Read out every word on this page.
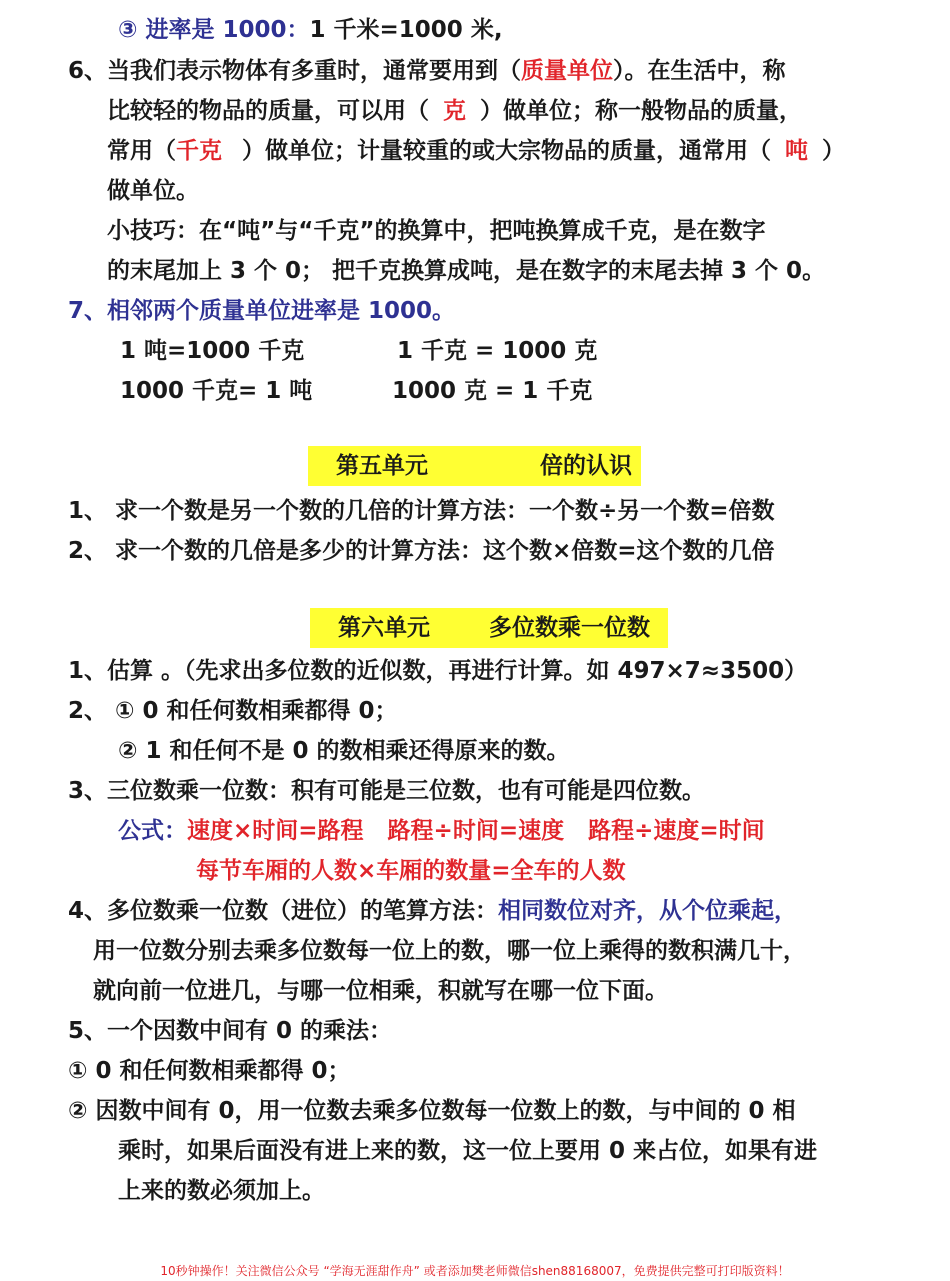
③ 进率是 1000：1 千米=1000 米,
6、当我们表示物体有多重时，通常要用到（质量单位）。在生活中，称
比较轻的物品的质量，可以用（ 克 ）做单位；称一般物品的质量，
常用（千克 ）做单位；计量较重的或大宗物品的质量，通常用（ 吨 ）
做单位。
小技巧：在“吨”与“千克”的换算中，把吨换算成千克，是在数字
的末尾加上 3 个 0； 把千克换算成吨，是在数字的末尾去掉 3 个 0。
7、相邻两个质量单位进率是 1000。
1 吨=1000 千克	1 千克 = 1000 克
1000 千克= 1 吨	1000 克 = 1 千克
第五单元	倍的认识
1、 求一个数是另一个数的几倍的计算方法：一个数÷另一个数=倍数
2、 求一个数的几倍是多少的计算方法：这个数×倍数=这个数的几倍
第六单元	多位数乘一位数
1、估算 。（先求出多位数的近似数，再进行计算。如 497×7≈3500）
2、 ① 0 和任何数相乘都得 0；
② 1 和任何不是 0 的数相乘还得原来的数。
3、三位数乘一位数：积有可能是三位数，也有可能是四位数。
公式：速度×时间=路程 路程÷时间=速度 路程÷速度=时间
每节车厢的人数×车厢的数量=全车的人数
4、多位数乘一位数（进位）的笔算方法：相同数位对齐，从个位乘起，
用一位数分别去乘多位数每一位上的数，哪一位上乘得的数积满几十，
就向前一位进几，与哪一位相乘，积就写在哪一位下面。
5、一个因数中间有 0 的乘法：
① 0 和任何数相乘都得 0；
② 因数中间有 0，用一位数去乘多位数每一位数上的数，与中间的 0 相
乘时，如果后面没有进上来的数，这一位上要用 0 来占位，如果有进
上来的数必须加上。
10秒钟操作！关注微信公众号 “学海无涯甜作舟” 或者添加樊老师微信shen88168007，免费提供完整可打印版资料！
